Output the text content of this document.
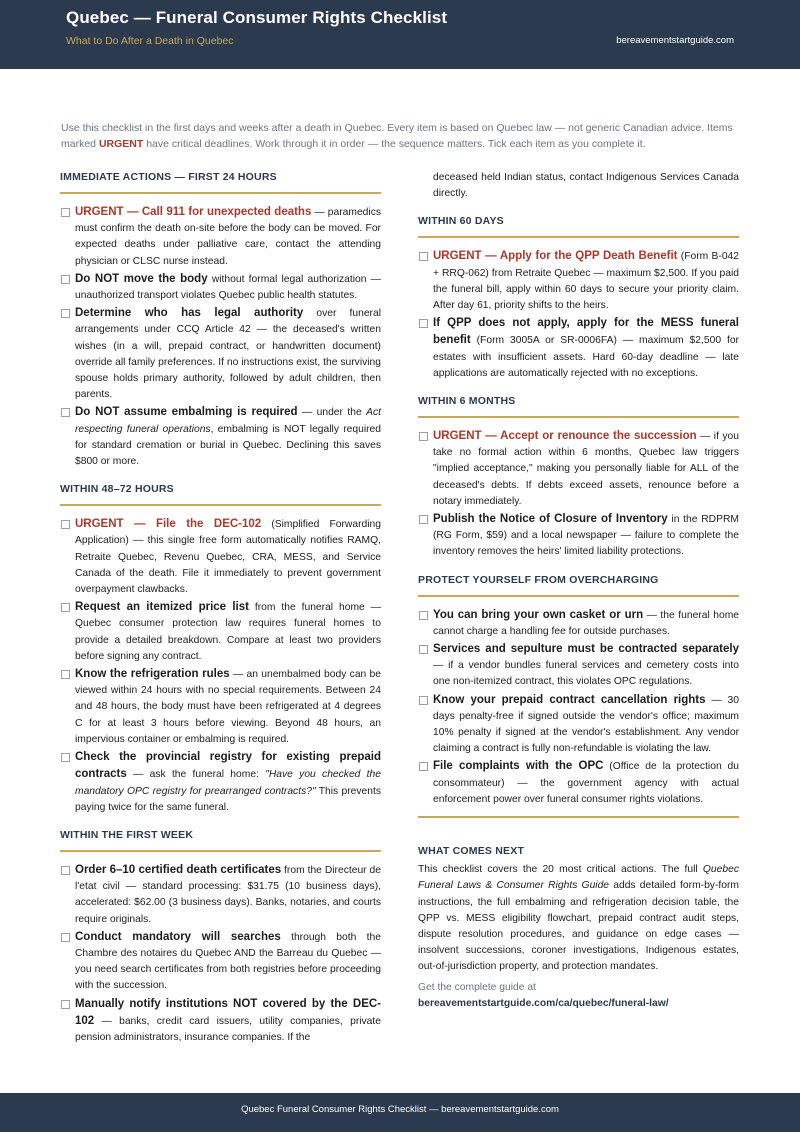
Quebec — Funeral Consumer Rights Checklist
What to Do After a Death in Quebec	bereavementstartguide.com
Use this checklist in the first days and weeks after a death in Quebec. Every item is based on Quebec law — not generic Canadian advice. Items marked URGENT have critical deadlines. Work through it in order — the sequence matters. Tick each item as you complete it.
IMMEDIATE ACTIONS — FIRST 24 HOURS
URGENT — Call 911 for unexpected deaths — paramedics must confirm the death on-site before the body can be moved. For expected deaths under palliative care, contact the attending physician or CLSC nurse instead.
Do NOT move the body without formal legal authorization — unauthorized transport violates Quebec public health statutes.
Determine who has legal authority over funeral arrangements under CCQ Article 42 — the deceased's written wishes (in a will, prepaid contract, or handwritten document) override all family preferences. If no instructions exist, the surviving spouse holds primary authority, followed by adult children, then parents.
Do NOT assume embalming is required — under the Act respecting funeral operations, embalming is NOT legally required for standard cremation or burial in Quebec. Declining this saves $800 or more.
WITHIN 48–72 HOURS
URGENT — File the DEC-102 (Simplified Forwarding Application) — this single free form automatically notifies RAMQ, Retraite Quebec, Revenu Quebec, CRA, MESS, and Service Canada of the death. File it immediately to prevent government overpayment clawbacks.
Request an itemized price list from the funeral home — Quebec consumer protection law requires funeral homes to provide a detailed breakdown. Compare at least two providers before signing any contract.
Know the refrigeration rules — an unembalmed body can be viewed within 24 hours with no special requirements. Between 24 and 48 hours, the body must have been refrigerated at 4 degrees C for at least 3 hours before viewing. Beyond 48 hours, an impervious container or embalming is required.
Check the provincial registry for existing prepaid contracts — ask the funeral home: "Have you checked the mandatory OPC registry for prearranged contracts?" This prevents paying twice for the same funeral.
WITHIN THE FIRST WEEK
Order 6–10 certified death certificates from the Directeur de l'etat civil — standard processing: $31.75 (10 business days), accelerated: $62.00 (3 business days). Banks, notaries, and courts require originals.
Conduct mandatory will searches through both the Chambre des notaires du Quebec AND the Barreau du Quebec — you need search certificates from both registries before proceeding with the succession.
Manually notify institutions NOT covered by the DEC-102 — banks, credit card issuers, utility companies, private pension administrators, insurance companies. If the
deceased held Indian status, contact Indigenous Services Canada directly.
WITHIN 60 DAYS
URGENT — Apply for the QPP Death Benefit (Form B-042 + RRQ-062) from Retraite Quebec — maximum $2,500. If you paid the funeral bill, apply within 60 days to secure your priority claim. After day 61, priority shifts to the heirs.
If QPP does not apply, apply for the MESS funeral benefit (Form 3005A or SR-0006FA) — maximum $2,500 for estates with insufficient assets. Hard 60-day deadline — late applications are automatically rejected with no exceptions.
WITHIN 6 MONTHS
URGENT — Accept or renounce the succession — if you take no formal action within 6 months, Quebec law triggers "implied acceptance," making you personally liable for ALL of the deceased's debts. If debts exceed assets, renounce before a notary immediately.
Publish the Notice of Closure of Inventory in the RDPRM (RG Form, $59) and a local newspaper — failure to complete the inventory removes the heirs' limited liability protections.
PROTECT YOURSELF FROM OVERCHARGING
You can bring your own casket or urn — the funeral home cannot charge a handling fee for outside purchases.
Services and sepulture must be contracted separately — if a vendor bundles funeral services and cemetery costs into one non-itemized contract, this violates OPC regulations.
Know your prepaid contract cancellation rights — 30 days penalty-free if signed outside the vendor's office; maximum 10% penalty if signed at the vendor's establishment. Any vendor claiming a contract is fully non-refundable is violating the law.
File complaints with the OPC (Office de la protection du consommateur) — the government agency with actual enforcement power over funeral consumer rights violations.
WHAT COMES NEXT
This checklist covers the 20 most critical actions. The full Quebec Funeral Laws & Consumer Rights Guide adds detailed form-by-form instructions, the full embalming and refrigeration decision table, the QPP vs. MESS eligibility flowchart, prepaid contract audit steps, dispute resolution procedures, and guidance on edge cases — insolvent successions, coroner investigations, Indigenous estates, out-of-jurisdiction property, and protection mandates.
Get the complete guide at
bereavementstartguide.com/ca/quebec/funeral-law/
Quebec Funeral Consumer Rights Checklist — bereavementstartguide.com
